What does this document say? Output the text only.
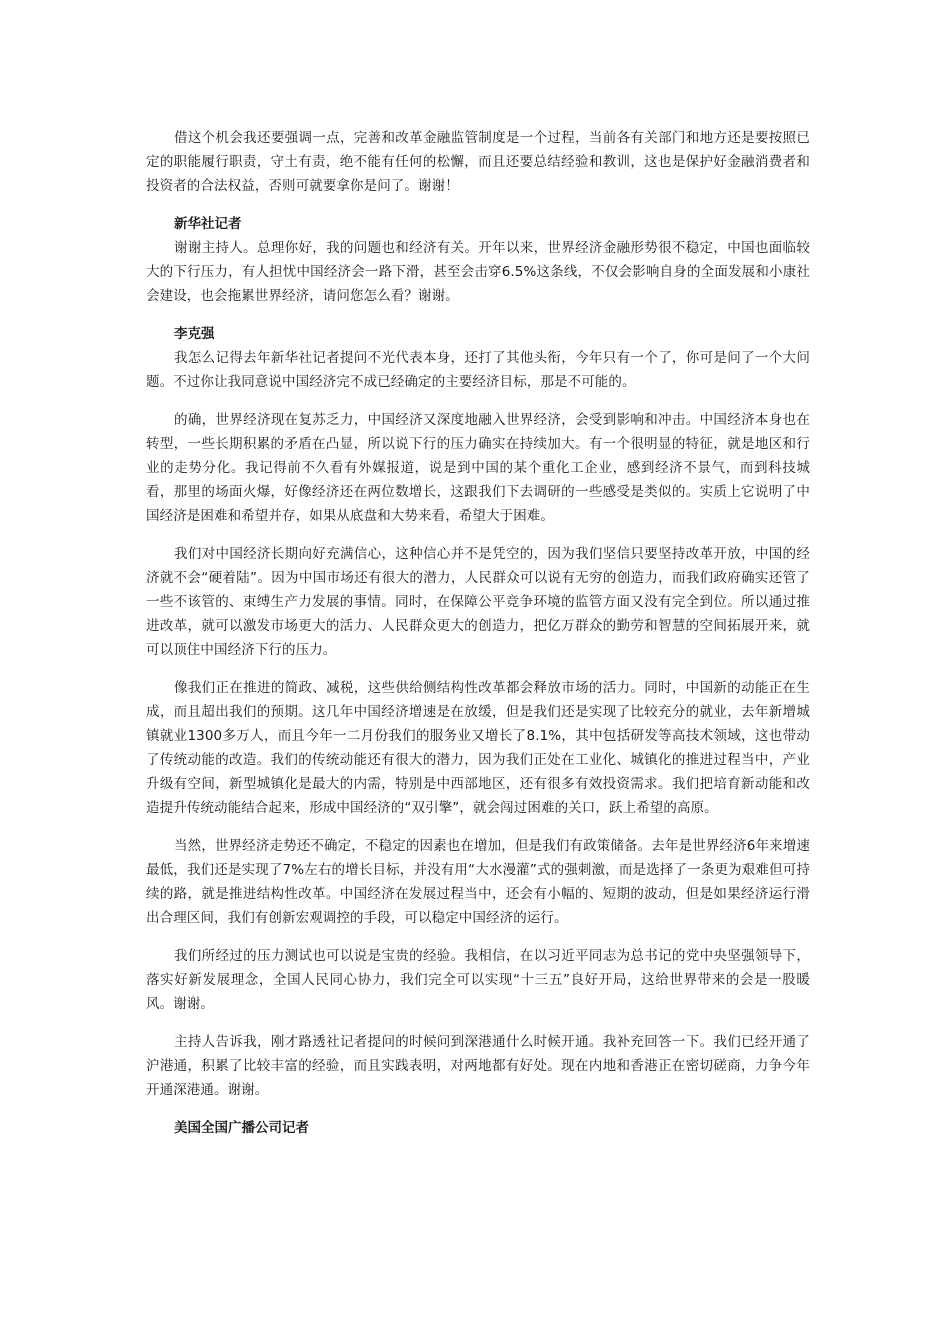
借这个机会我还要强调一点，完善和改革金融监管制度是一个过程，当前各有关部门和地方还是要按照已定的职能履行职责，守土有责，绝不能有任何的松懈，而且还要总结经验和教训，这也是保护好金融消费者和投资者的合法权益，否则可就要拿你是问了。谢谢！

新华社记者

谢谢主持人。总理你好，我的问题也和经济有关。开年以来，世界经济金融形势很不稳定，中国也面临较大的下行压力，有人担忧中国经济会一路下滑，甚至会击穿6.5%这条线，不仅会影响自身的全面发展和小康社会建设，也会拖累世界经济，请问您怎么看？谢谢。

李克强

我怎么记得去年新华社记者提问不光代表本身，还打了其他头衔，今年只有一个了，你可是问了一个大问题。不过你让我同意说中国经济完不成已经确定的主要经济目标，那是不可能的。

的确，世界经济现在复苏乏力，中国经济又深度地融入世界经济，会受到影响和冲击。中国经济本身也在转型，一些长期积累的矛盾在凸显，所以说下行的压力确实在持续加大。有一个很明显的特征，就是地区和行业的走势分化。我记得前不久看有外媒报道，说是到中国的某个重化工企业，感到经济不景气，而到科技城看，那里的场面火爆，好像经济还在两位数增长，这跟我们下去调研的一些感受是类似的。实质上它说明了中国经济是困难和希望并存，如果从底盘和大势来看，希望大于困难。

我们对中国经济长期向好充满信心，这种信心并不是凭空的，因为我们坚信只要坚持改革开放，中国的经济就不会“硬着陆”。因为中国市场还有很大的潜力，人民群众可以说有无穷的创造力，而我们政府确实还管了一些不该管的、束缚生产力发展的事情。同时，在保障公平竞争环境的监管方面又没有完全到位。所以通过推进改革，就可以激发市场更大的活力、人民群众更大的创造力，把亿万群众的勤劳和智慧的空间拓展开来，就可以顶住中国经济下行的压力。

像我们正在推进的简政、减税，这些供给侧结构性改革都会释放市场的活力。同时，中国新的动能正在生成，而且超出我们的预期。这几年中国经济增速是在放缓，但是我们还是实现了比较充分的就业，去年新增城镇就业1300多万人，而且今年一二月份我们的服务业又增长了8.1%，其中包括研发等高技术领域，这也带动了传统动能的改造。我们的传统动能还有很大的潜力，因为我们正处在工业化、城镇化的推进过程当中，产业升级有空间，新型城镇化是最大的内需，特别是中西部地区，还有很多有效投资需求。我们把培育新动能和改造提升传统动能结合起来，形成中国经济的“双引擎”，就会闯过困难的关口，跃上希望的高原。

当然，世界经济走势还不确定，不稳定的因素也在增加，但是我们有政策储备。去年是世界经济6年来增速最低，我们还是实现了7%左右的增长目标，并没有用“大水漫灌”式的强刺激，而是选择了一条更为艰难但可持续的路，就是推进结构性改革。中国经济在发展过程当中，还会有小幅的、短期的波动，但是如果经济运行滑出合理区间，我们有创新宏观调控的手段，可以稳定中国经济的运行。

我们所经过的压力测试也可以说是宝贵的经验。我相信，在以习近平同志为总书记的党中央坚强领导下，落实好新发展理念，全国人民同心协力，我们完全可以实现“十三五”良好开局，这给世界带来的会是一股暖风。谢谢。

主持人告诉我，刚才路透社记者提问的时候问到深港通什么时候开通。我补充回答一下。我们已经开通了沪港通，积累了比较丰富的经验，而且实践表明，对两地都有好处。现在内地和香港正在密切磋商，力争今年开通深港通。谢谢。

美国全国广播公司记者
